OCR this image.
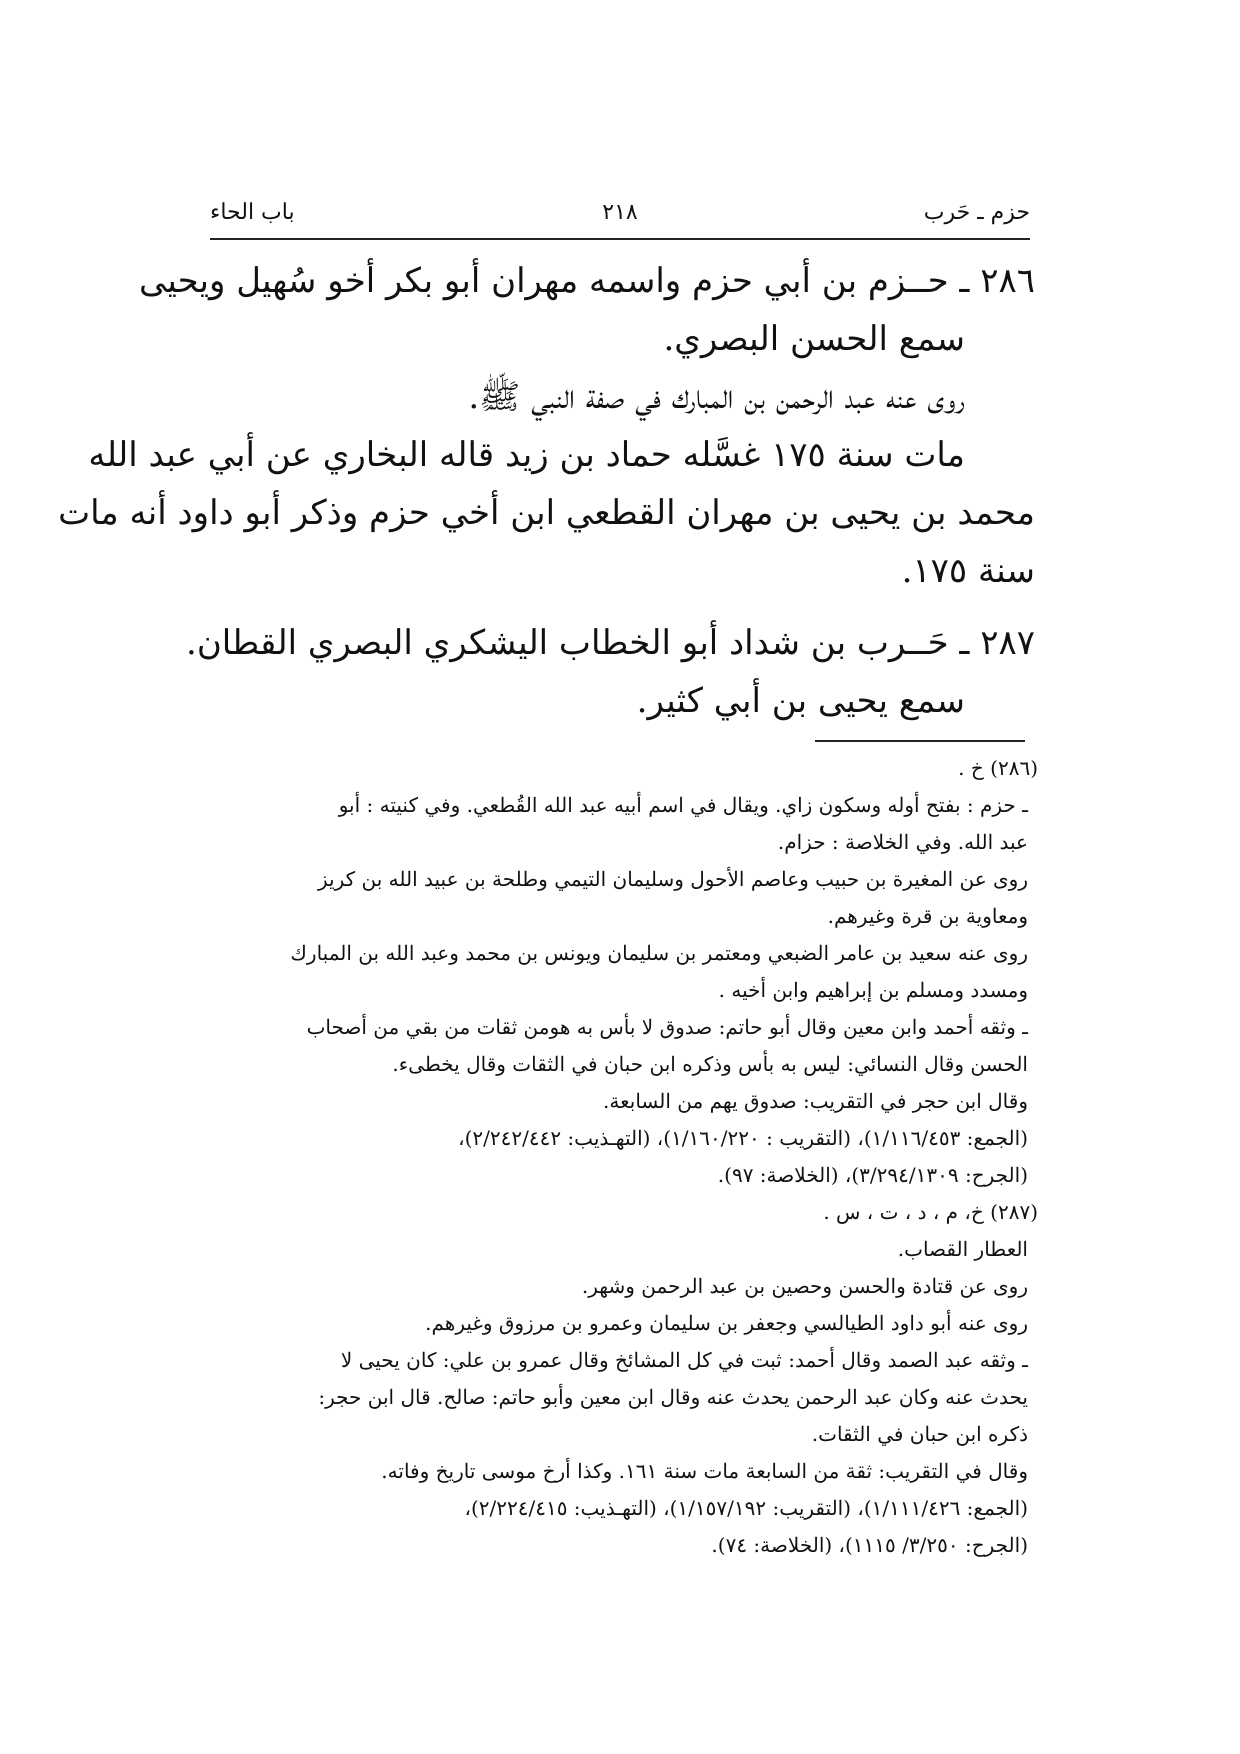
حزم ـ حَرب
٢١٨
باب الحاء
٢٨٦ ـ حــزم بن أبي حزم واسمه مهران أبو بكر أخو سُهيل ويحيى
سمع الحسن البصري.
روى عنه عبد الرحمن بن المبارك في صفة النبي ﷺ.
مات سنة ١٧٥ غسَّله حماد بن زيد قاله البخاري عن أبي عبد الله
محمد بن يحيى بن مهران القطعي ابن أخي حزم وذكر أبو داود أنه مات
سنة ١٧٥.
٢٨٧ ـ حَــرب بن شداد أبو الخطاب اليشكري البصري القطان.
سمع يحيى بن أبي كثير.
(٢٨٦) خ .
ـ حزم : بفتح أوله وسكون زاي. ويقال في اسم أبيه عبد الله القُطعي. وفي كنيته : أبو
عبد الله. وفي الخلاصة : حزام.
روى عن المغيرة بن حبيب وعاصم الأحول وسليمان التيمي وطلحة بن عبيد الله بن كريز
ومعاوية بن قرة وغيرهم.
روى عنه سعيد بن عامر الضبعي ومعتمر بن سليمان ويونس بن محمد وعبد الله بن المبارك
ومسدد ومسلم بن إبراهيم وابن أخيه .
ـ وثقه أحمد وابن معين وقال أبو حاتم: صدوق لا بأس به هومن ثقات من بقي من أصحاب
الحسن وقال النسائي: ليس به بأس وذكره ابن حبان في الثقات وقال يخطىء.
وقال ابن حجر في التقريب: صدوق يهم من السابعة.
(الجمع: ١/١١٦/٤٥٣)، (التقريب : ١/١٦٠/٢٢٠)، (التهـذيب: ٢/٢٤٢/٤٤٢)،
(الجرح: ٣/٢٩٤/١٣٠٩)، (الخلاصة: ٩٧).
(٢٨٧) خ، م ، د ، ت ، س .
العطار القصاب.
روى عن قتادة والحسن وحصين بن عبد الرحمن وشهر.
روى عنه أبو داود الطيالسي وجعفر بن سليمان وعمرو بن مرزوق وغيرهم.
ـ وثقه عبد الصمد وقال أحمد: ثبت في كل المشائخ وقال عمرو بن علي: كان يحيى لا
يحدث عنه وكان عبد الرحمن يحدث عنه وقال ابن معين وأبو حاتم: صالح. قال ابن حجر:
ذكره ابن حبان في الثقات.
وقال في التقريب: ثقة من السابعة مات سنة ١٦١. وكذا أرخ موسى تاريخ وفاته.
(الجمع: ١/١١١/٤٢٦)، (التقريب: ١/١٥٧/١٩٢)، (التهـذيب: ٢/٢٢٤/٤١٥)،
(الجرح: ٣/٢٥٠/ ١١١٥)، (الخلاصة: ٧٤).
